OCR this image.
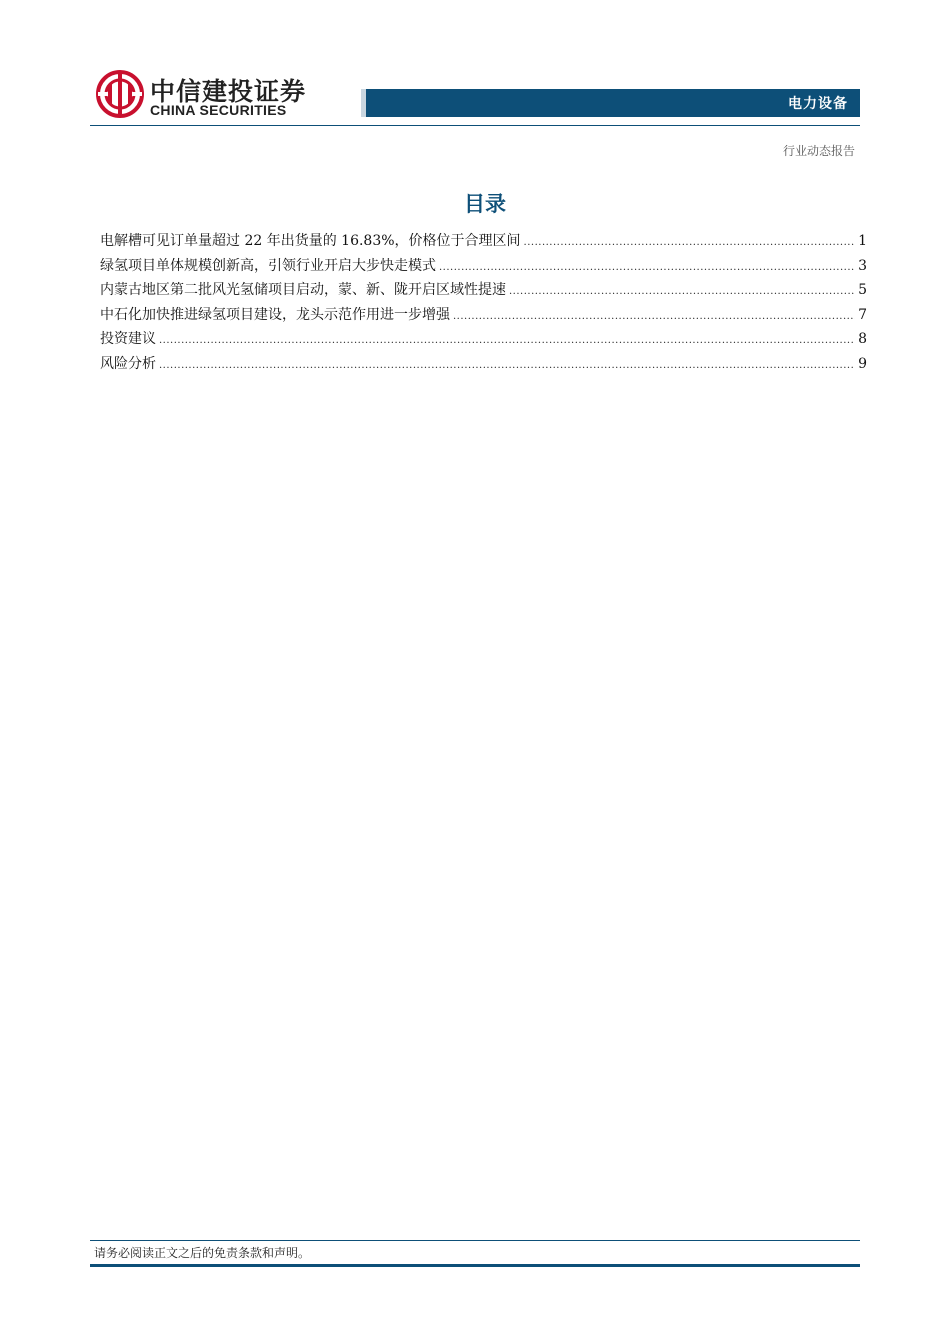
中信建投证券
CHINA SECURITIES	电力设备
行业动态报告
目录
电解槽可见订单量超过 22 年出货量的 16.83%，价格位于合理区间 .....	1
绿氢项目单体规模创新高，引领行业开启大步快走模式 .....	3
内蒙古地区第二批风光氢储项目启动，蒙、新、陇开启区域性提速 .....	5
中石化加快推进绿氢项目建设，龙头示范作用进一步增强 .....	7
投资建议 .....	8
风险分析 .....	9
请务必阅读正文之后的免责条款和声明。
